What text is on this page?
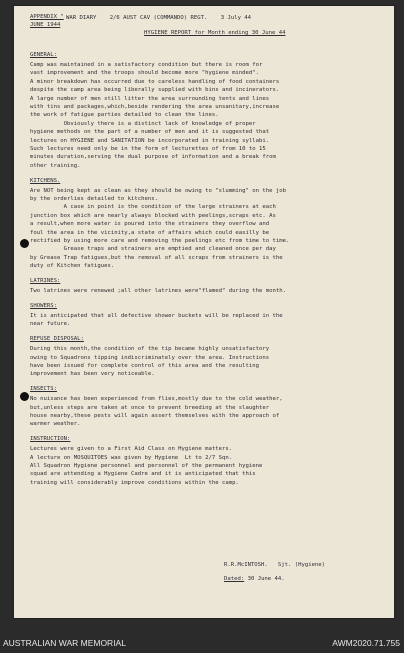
APPENDIX "
JUNE 1944
WAR DIARY 2/6 AUST CAV (COMMANDO) REGT. 3 July 44
HYGIENE REPORT for Month ending 30 June 44
GENERAL:
Camp was maintained in a satisfactory condition but there is room for
vast improvement and the troops should become more "hygiene minded".
A minor breakdown has occurred due to careless handling of food containers
despite the camp area being liberally supplied with bins and incinerators.
A large number of men still litter the area surrounding tents and lines
with tins and packages,which,beside rendering the area unsanitary,increase
the work of fatigue parties detailed to clean the lines.
Obviously there is a distinct lack of knowledge of proper
hygiene methods on the part of a number of men and it is suggested that
lectures on HYGIENE and SANITATION be incorporated in training syllabi.
Such lectures need only be in the form of lecturettes of from 10 to 15
minutes duration,serving the dual purpose of information and a break from
other training.
KITCHENS.
Are NOT being kept as clean as they should be owing to "slumming" on the job
by the orderlies detailed to kitchens.
A case in point is the condition of the large strainers at each
junction box which are nearly always blocked with peelings,scraps etc. As
a result,when more water is poured into the strainers they overflow and
foul the area in the vicinity,a state of affairs which could easilly be
rectified by using more care and removing the peelings etc from time to time.
Grease traps and strainers are emptied and cleaned once per day
by Grease Trap fatigues,but the removal of all scraps from strainers is the
duty of Kitchen fatigues.
LATRINES:
Two latrines were renewed ;all other latrines were"flamed" during the month.
SHOWERS:
It is anticipated that all defective shower buckets will be replaced in the
near future.
REFUSE DISPOSAL:
During this month,the condition of the tip became highly unsatisfactory
owing to Squadrons tipping indiscriminately over the area. Instructions
have been issued for complete control of this area and the resulting
improvement has been very noticeable.
INSECTS:
No nuisance has been experienced from flies,mostly due to the cold weather,
but,unless steps are taken at once to prevent breeding at the slaughter
house nearby,these pests will again assert themselves with the approach of
warmer weather.
INSTRUCTION:
Lectures were given to a First Aid Class on Hygiene matters.
A lecture on MOSQUITOES was given by Hygiene  Lt to 2/7 Sqn.
All Squadron Hygiene personnel and personnel of the permanent hygiene
squad are attending a Hygiene Cadre and it is anticipated that this
training will considerably improve conditions within the camp.
R.R.McINTOSH. Sjt. (Hygiene)
Dated: 30 June 44.
AUSTRALIAN WAR MEMORIAL	AWM2020.71.755
